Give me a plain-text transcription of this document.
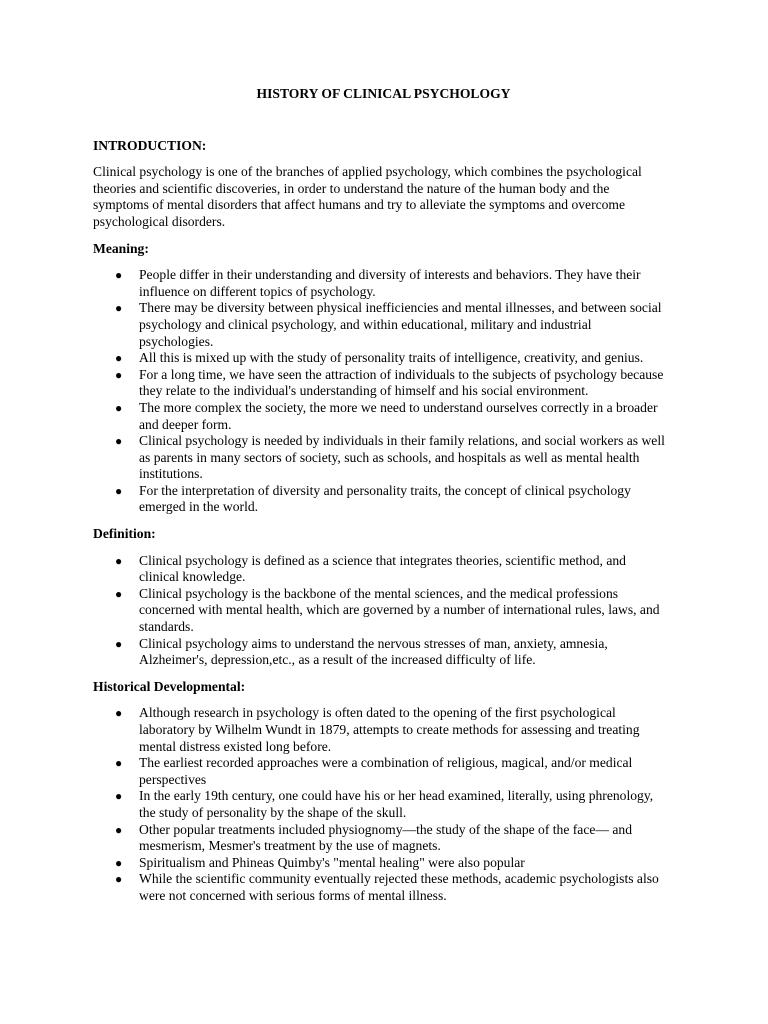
HISTORY OF CLINICAL PSYCHOLOGY
INTRODUCTION:
Clinical psychology is one of the branches of applied psychology, which combines the psychological theories and scientific discoveries, in order to understand the nature of the human body and the symptoms of mental disorders that affect humans and try to alleviate the symptoms and overcome psychological disorders.
Meaning:
● People differ in their understanding and diversity of interests and behaviors. They have their influence on different topics of psychology.
● There may be diversity between physical inefficiencies and mental illnesses, and between social psychology and clinical psychology, and within educational, military and industrial psychologies.
● All this is mixed up with the study of personality traits of intelligence, creativity, and genius.
● For a long time, we have seen the attraction of individuals to the subjects of psychology because they relate to the individual's understanding of himself and his social environment.
● The more complex the society, the more we need to understand ourselves correctly in a broader and deeper form.
● Clinical psychology is needed by individuals in their family relations, and social workers as well as parents in many sectors of society, such as schools, and hospitals as well as mental health institutions.
● For the interpretation of diversity and personality traits, the concept of clinical psychology emerged in the world.
Definition:
● Clinical psychology is defined as a science that integrates theories, scientific method, and clinical knowledge.
● Clinical psychology is the backbone of the mental sciences, and the medical professions concerned with mental health, which are governed by a number of international rules, laws, and standards.
● Clinical psychology aims to understand the nervous stresses of man, anxiety, amnesia, Alzheimer's, depression,etc., as a result of the increased difficulty of life.
Historical Developmental:
● Although research in psychology is often dated to the opening of the first psychological laboratory by Wilhelm Wundt in 1879, attempts to create methods for assessing and treating mental distress existed long before.
● The earliest recorded approaches were a combination of religious, magical, and/or medical perspectives
● In the early 19th century, one could have his or her head examined, literally, using phrenology, the study of personality by the shape of the skull.
● Other popular treatments included physiognomy—the study of the shape of the face— and mesmerism, Mesmer's treatment by the use of magnets.
● Spiritualism and Phineas Quimby's "mental healing" were also popular
● While the scientific community eventually rejected these methods, academic psychologists also were not concerned with serious forms of mental illness.
